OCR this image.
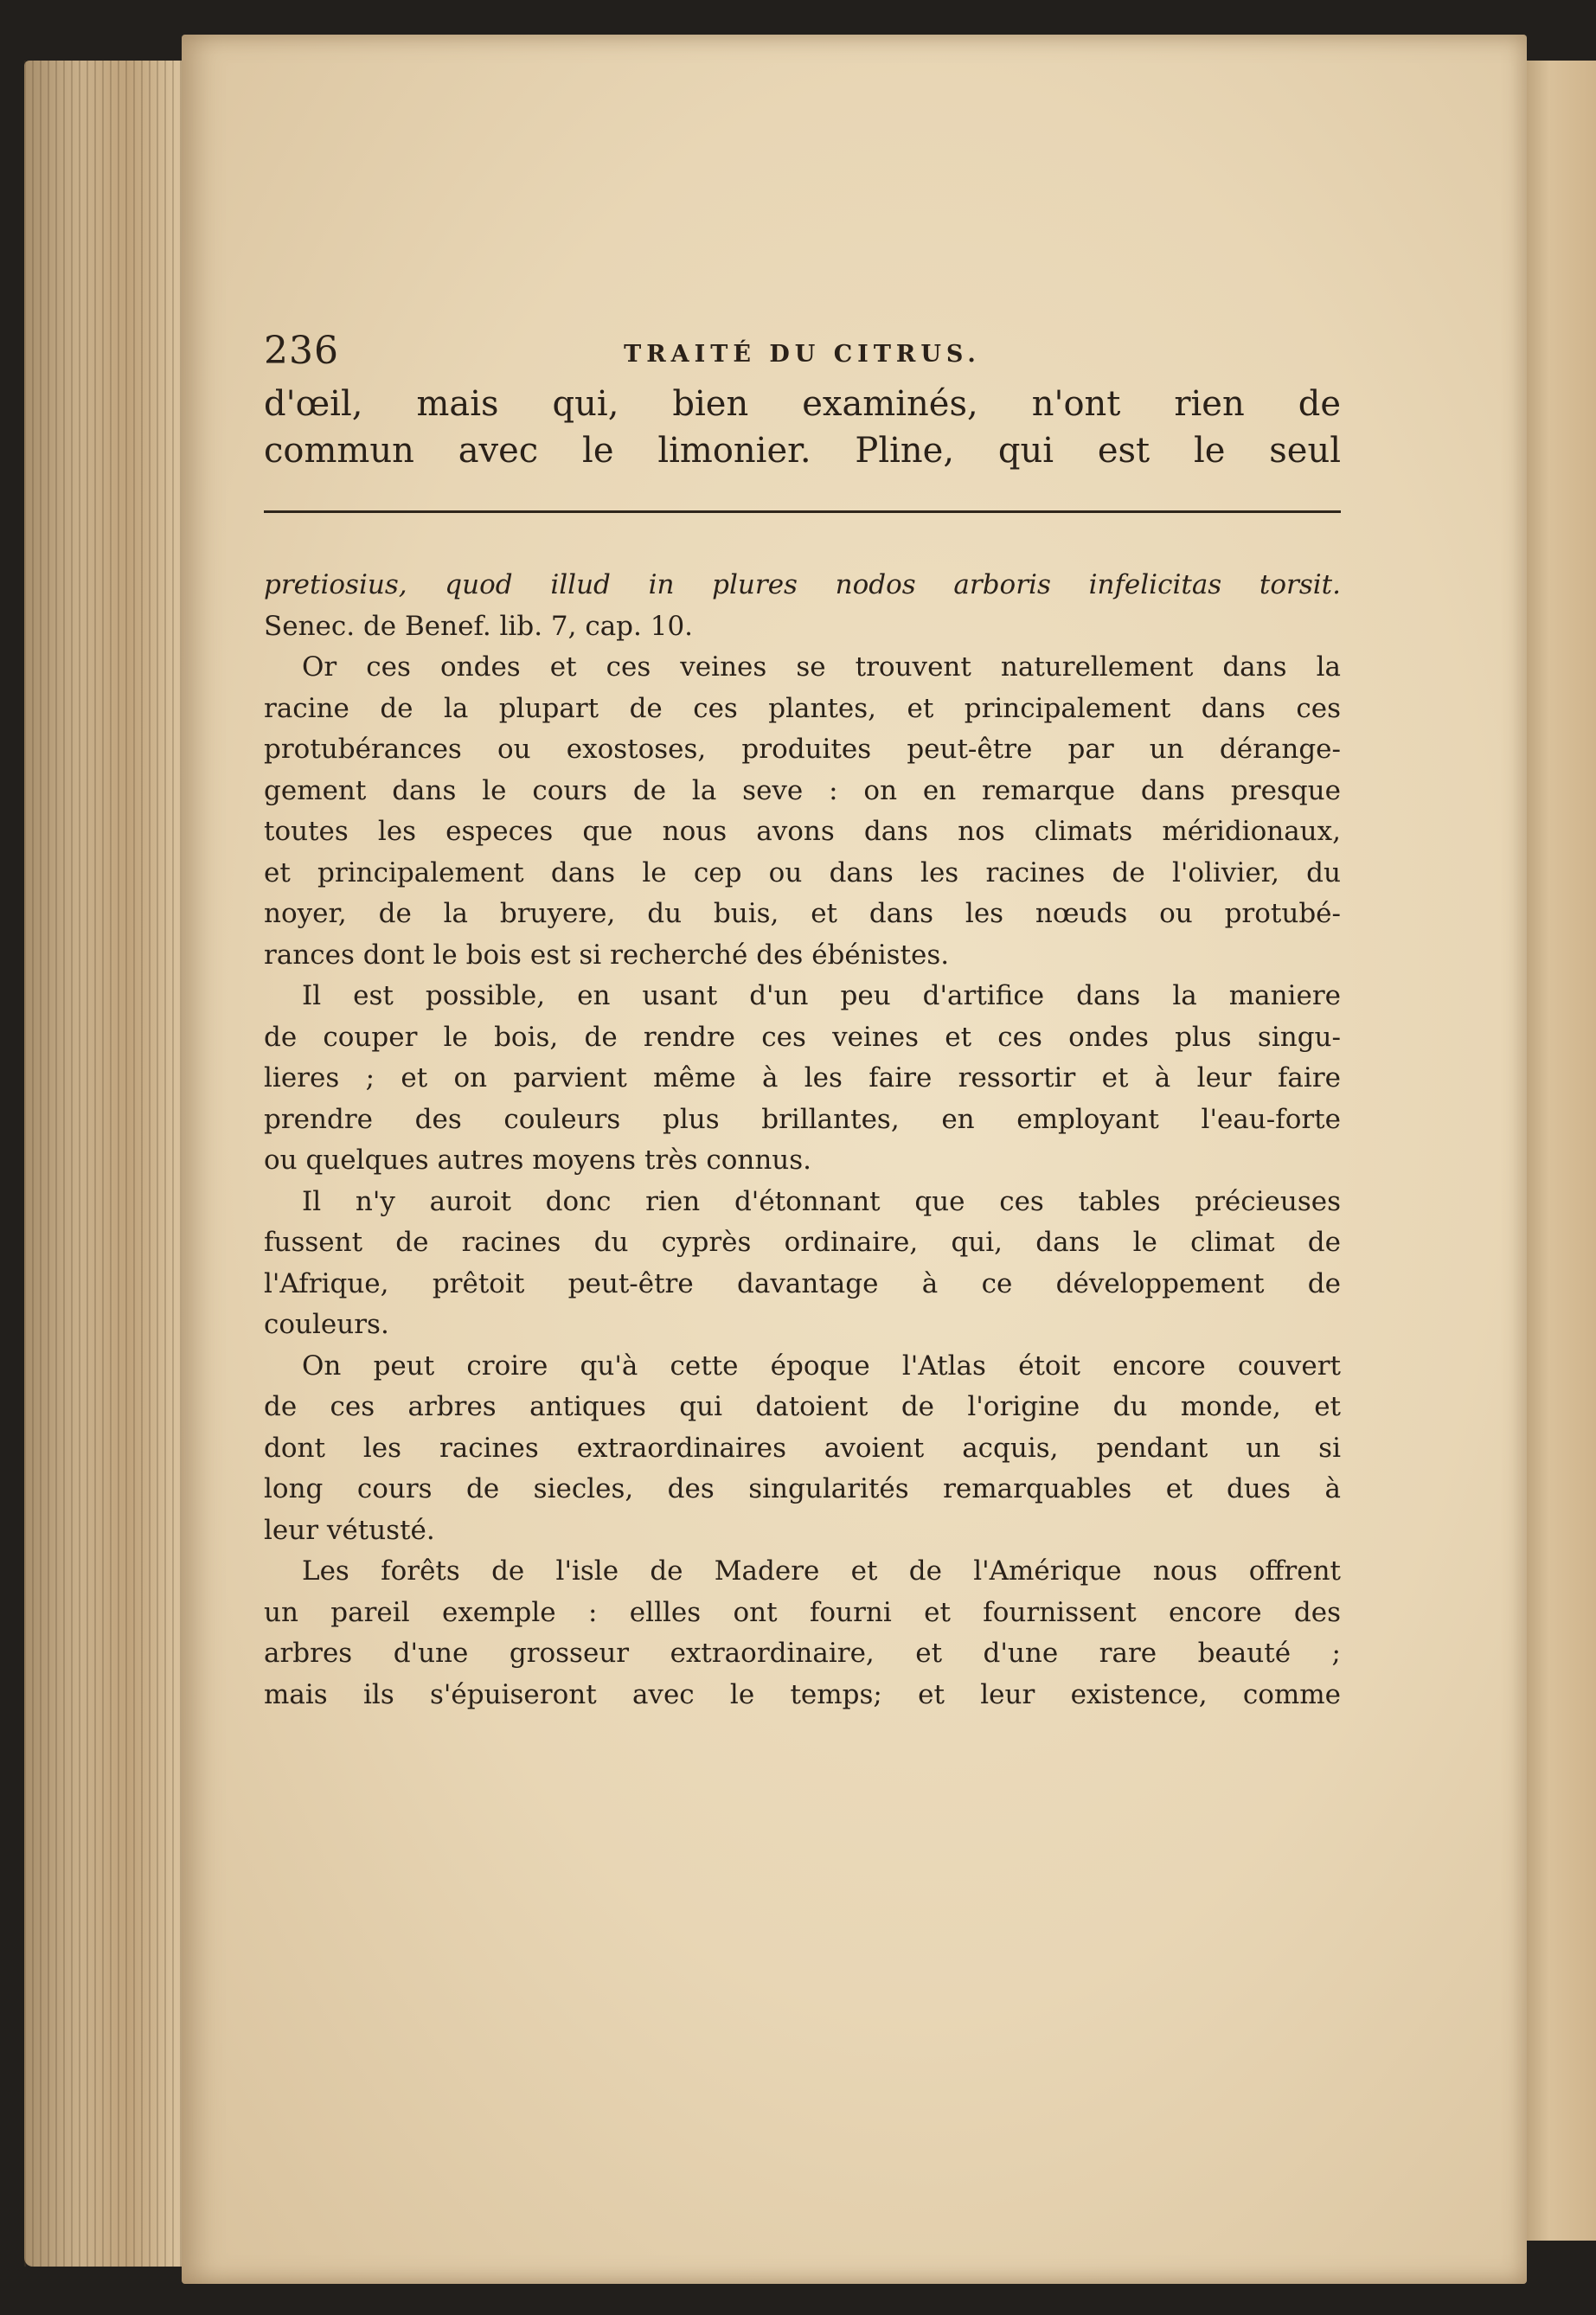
236	TRAITÉ DU CITRUS.
d'œil, mais qui, bien examinés, n'ont rien de
commun avec le limonier. Pline, qui est le seul
pretiosius, quod illud in plures nodos arboris infelicitas torsit.
Senec. de Benef. lib. 7, cap. 10.
Or ces ondes et ces veines se trouvent naturellement dans la
racine de la plupart de ces plantes, et principalement dans ces
protubérances ou exostoses, produites peut-être par un dérange-
gement dans le cours de la seve : on en remarque dans presque
toutes les especes que nous avons dans nos climats méridionaux,
et principalement dans le cep ou dans les racines de l'olivier, du
noyer, de la bruyere, du buis, et dans les nœuds ou protubé-
rances dont le bois est si recherché des ébénistes.
Il est possible, en usant d'un peu d'artifice dans la maniere
de couper le bois, de rendre ces veines et ces ondes plus singu-
lieres ; et on parvient même à les faire ressortir et à leur faire
prendre des couleurs plus brillantes, en employant l'eau-forte
ou quelques autres moyens très connus.
Il n'y auroit donc rien d'étonnant que ces tables précieuses
fussent de racines du cyprès ordinaire, qui, dans le climat de
l'Afrique, prêtoit peut-être davantage à ce développement de
couleurs.
On peut croire qu'à cette époque l'Atlas étoit encore couvert
de ces arbres antiques qui datoient de l'origine du monde, et
dont les racines extraordinaires avoient acquis, pendant un si
long cours de siecles, des singularités remarquables et dues à
leur vétusté.
Les forêts de l'isle de Madere et de l'Amérique nous offrent
un pareil exemple : ellles ont fourni et fournissent encore des
arbres d'une grosseur extraordinaire, et d'une rare beauté ;
mais ils s'épuiseront avec le temps; et leur existence, comme
